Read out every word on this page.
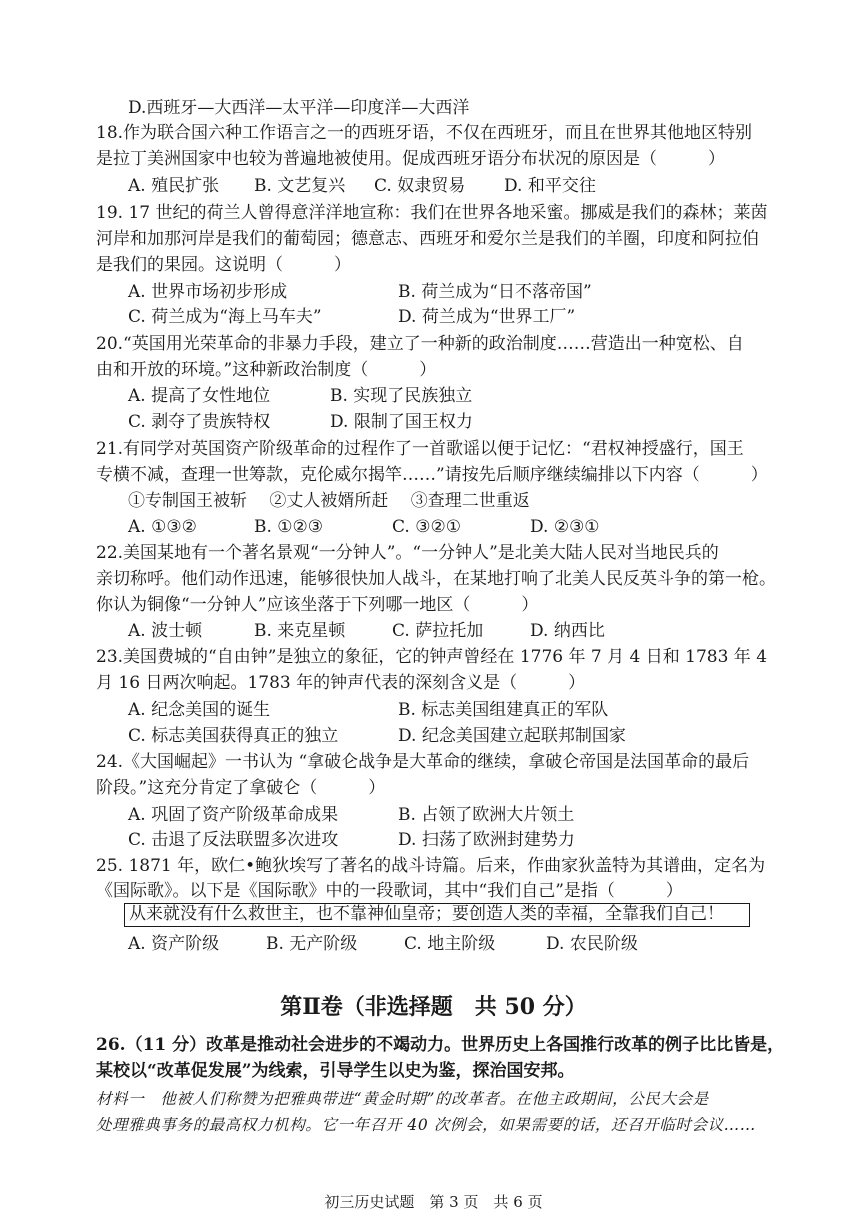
D.西班牙—大西洋—太平洋—印度洋—大西洋
18.作为联合国六种工作语言之一的西班牙语，不仅在西班牙，而且在世界其他地区特别
是拉丁美洲国家中也较为普遍地被使用。促成西班牙语分布状况的原因是（　　　）
A. 殖民扩张 B. 文艺复兴 C. 奴隶贸易 D. 和平交往
19. 17 世纪的荷兰人曾得意洋洋地宣称：我们在世界各地采蜜。挪威是我们的森林；莱茵
河岸和加那河岸是我们的葡萄园；德意志、西班牙和爱尔兰是我们的羊圈，印度和阿拉伯
是我们的果园。这说明（　　　）
A. 世界市场初步形成	B. 荷兰成为“日不落帝国”
C. 荷兰成为“海上马车夫”	D. 荷兰成为“世界工厂”
20.“英国用光荣革命的非暴力手段，建立了一种新的政治制度……营造出一种宽松、自
由和开放的环境。”这种新政治制度（　　　）
A. 提高了女性地位	B. 实现了民族独立
C. 剥夺了贵族特权	D. 限制了国王权力
21.有同学对英国资产阶级革命的过程作了一首歌谣以便于记忆：“君权神授盛行，国王
专横不减，查理一世筹款，克伦威尔揭竿……”请按先后顺序继续编排以下内容（　　　）
①专制国王被斩　 ②丈人被婿所赶　 ③查理二世重返
A. ①③②	B. ①②③	C. ③②①	D. ②③①
22.美国某地有一个著名景观“一分钟人”。“一分钟人”是北美大陆人民对当地民兵的
亲切称呼。他们动作迅速，能够很快加人战斗，在某地打响了北美人民反英斗争的第一枪。
你认为铜像“一分钟人”应该坐落于下列哪一地区（　　　）
A. 波士顿	B. 来克星顿	C. 萨拉托加	D. 纳西比
23.美国费城的“自由钟”是独立的象征，它的钟声曾经在 1776 年 7 月 4 日和 1783 年 4
月 16 日两次响起。1783 年的钟声代表的深刻含义是（　　　）
A. 纪念美国的诞生	B. 标志美国组建真正的军队
C. 标志美国获得真正的独立	D. 纪念美国建立起联邦制国家
24.《大国崛起》一书认为 “拿破仑战争是大革命的继续，拿破仑帝国是法国革命的最后
阶段。”这充分肯定了拿破仑（　　　）
A. 巩固了资产阶级革命成果	B. 占领了欧洲大片领土
C. 击退了反法联盟多次进攻	D. 扫荡了欧洲封建势力
25. 1871 年，欧仁•鲍狄埃写了著名的战斗诗篇。后来，作曲家狄盖特为其谱曲，定名为
《国际歌》。以下是《国际歌》中的一段歌词，其中“我们自己”是指（　　　）
从来就没有什么救世主，也不靠神仙皇帝；要创造人类的幸福，全靠我们自己！
A. 资产阶级	B. 无产阶级	C. 地主阶级	D. 农民阶级
第Ⅱ卷（非选择题　共 50 分）
26.（11 分）改革是推动社会进步的不竭动力。世界历史上各国推行改革的例子比比皆是，
某校以“改革促发展”为线索，引导学生以史为鉴，探治国安邦。
材料一　他被人们称赞为把雅典带进“黄金时期”的改革者。在他主政期间，公民大会是
处理雅典事务的最高权力机构。它一年召开 40 次例会，如果需要的话，还召开临时会议……
初三历史试题　第 3 页　共 6 页
